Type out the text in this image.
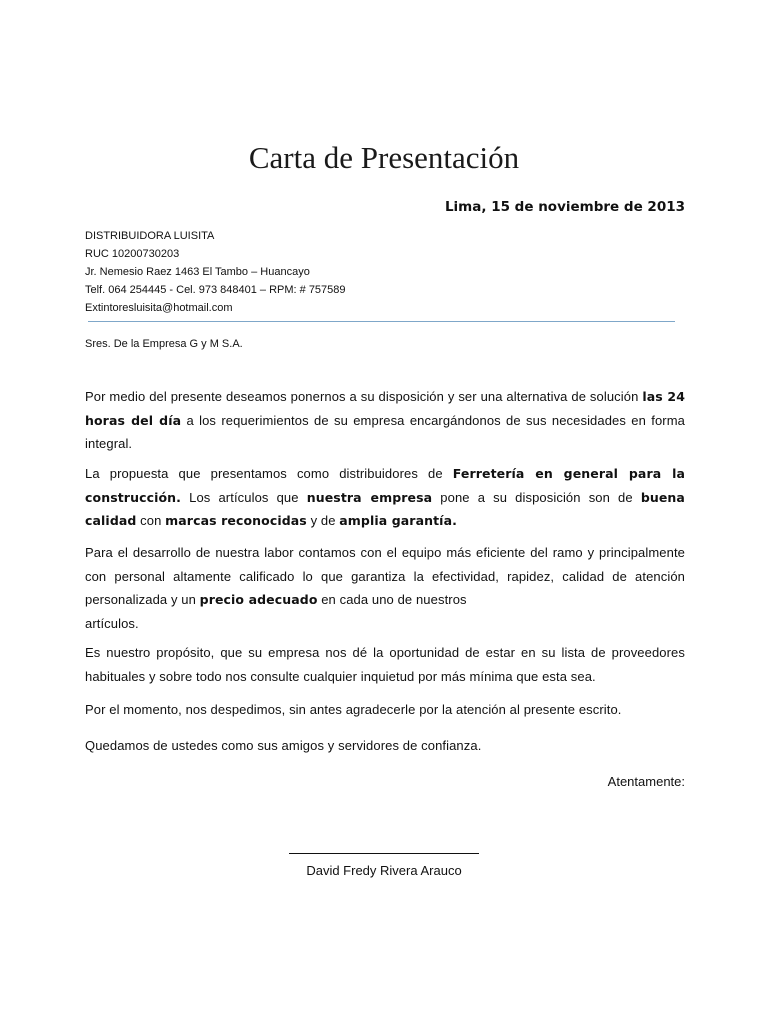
Carta de Presentación
Lima, 15 de noviembre de 2013
DISTRIBUIDORA LUISITA
RUC 10200730203
Jr. Nemesio Raez 1463 El Tambo – Huancayo
Telf. 064 254445 - Cel. 973 848401 – RPM: # 757589
Extintoresluisita@hotmail.com
Sres. De la Empresa G y M S.A.
Por medio del presente deseamos ponernos a su disposición y ser una alternativa de solución las 24 horas del día a los requerimientos de su empresa encargándonos de sus necesidades en forma integral.
La propuesta que presentamos como distribuidores de Ferretería en general para la construcción. Los artículos que nuestra empresa pone a su disposición son de buena calidad con marcas reconocidas y de amplia garantía.
Para el desarrollo de nuestra labor contamos con el equipo más eficiente del ramo y principalmente con personal altamente calificado lo que garantiza la efectividad, rapidez, calidad de atención personalizada y un precio adecuado en cada uno de nuestros
artículos.
Es nuestro propósito, que su empresa nos dé la oportunidad de estar en su lista de proveedores habituales y sobre todo nos consulte cualquier inquietud por más mínima que esta sea.
Por el momento, nos despedimos, sin antes agradecerle por la atención al presente escrito.
Quedamos de ustedes como sus amigos y servidores de confianza.
Atentamente:
David Fredy Rivera Arauco
